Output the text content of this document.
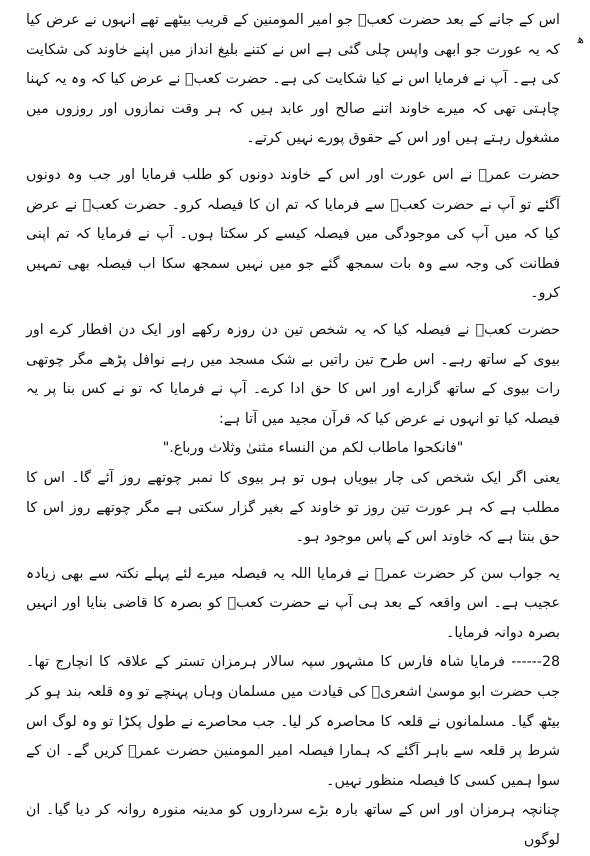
ﻫ

اس کے جانے کے بعد حضرت کعبؓ جو امیر المومنین کے قریب بیٹھے تھے انہوں نے عرض کیا کہ یہ عورت جو ابھی واپس چلی گئی ہے اس نے کتنے بلیغ انداز میں اپنے خاوند کی شکایت کی ہے۔ آپ نے فرمایا اس نے کیا شکایت کی ہے۔ حضرت کعبؓ نے عرض کیا کہ وہ یہ کہنا چاہتی تھی کہ میرے خاوند اتنے صالح اور عابد ہیں کہ ہر وقت نمازوں اور روزوں میں مشغول رہتے ہیں اور اس کے حقوق پورے نہیں کرتے۔

حضرت عمرؓ نے اس عورت اور اس کے خاوند دونوں کو طلب فرمایا اور جب وہ دونوں آگئے تو آپ نے حضرت کعبؓ سے فرمایا کہ تم ان کا فیصلہ کرو۔ حضرت کعبؓ نے عرض کیا کہ میں آپ کی موجودگی میں فیصلہ کیسے کر سکتا ہوں۔ آپ نے فرمایا کہ تم اپنی فطانت کی وجہ سے وہ بات سمجھ گئے جو میں نہیں سمجھ سکا اب فیصلہ بھی تمہیں کرو۔

حضرت کعبؓ نے فیصلہ کیا کہ یہ شخص تین دن روزہ رکھے اور ایک دن افطار کرے اور بیوی کے ساتھ رہے۔ اس طرح تین راتیں بے شک مسجد میں رہے نوافل پڑھے مگر چوتھی رات بیوی کے ساتھ گزارے اور اس کا حق ادا کرے۔ آپ نے فرمایا کہ تو نے کس بنا پر یہ فیصلہ کیا تو انہوں نے عرض کیا کہ قرآن مجید میں آتا ہے:

"فانکحوا ماطاب لکم من النساء مثنیٰ وثلاث ورباع."

یعنی اگر ایک شخص کی چار بیویاں ہوں تو ہر بیوی کا نمبر چوتھے روز آئے گا۔ اس کا مطلب ہے کہ ہر عورت تین روز تو خاوند کے بغیر گزار سکتی ہے مگر چوتھے روز اس کا حق بنتا ہے کہ خاوند اس کے پاس موجود ہو۔

یہ جواب سن کر حضرت عمرؓ نے فرمایا اللہ یہ فیصلہ میرے لئے پہلے نکتہ سے بھی زیادہ عجیب ہے۔ اس واقعہ کے بعد ہی آپ نے حضرت کعبؓ کو بصرہ کا قاضی بنایا اور انہیں بصرہ دوانہ فرمایا۔

28------ فرمایا شاہ فارس کا مشہور سپہ سالار ہرمزان تستر کے علاقہ کا انچارج تھا۔ جب حضرت ابو موسیٰ اشعریؓ کی قیادت میں مسلمان وہاں پہنچے تو وہ قلعہ بند ہو کر بیٹھ گیا۔ مسلمانوں نے قلعہ کا محاصرہ کر لیا۔ جب محاصرے نے طول پکڑا تو وہ لوگ اس شرط پر قلعہ سے باہر آگئے کہ ہمارا فیصلہ امیر المومنین حضرت عمرؓ کریں گے۔ ان کے سوا ہمیں کسی کا فیصلہ منظور نہیں۔

چنانچہ ہرمزان اور اس کے ساتھ بارہ بڑے سرداروں کو مدینہ منورہ روانہ کر دیا گیا۔ ان لوگوں
